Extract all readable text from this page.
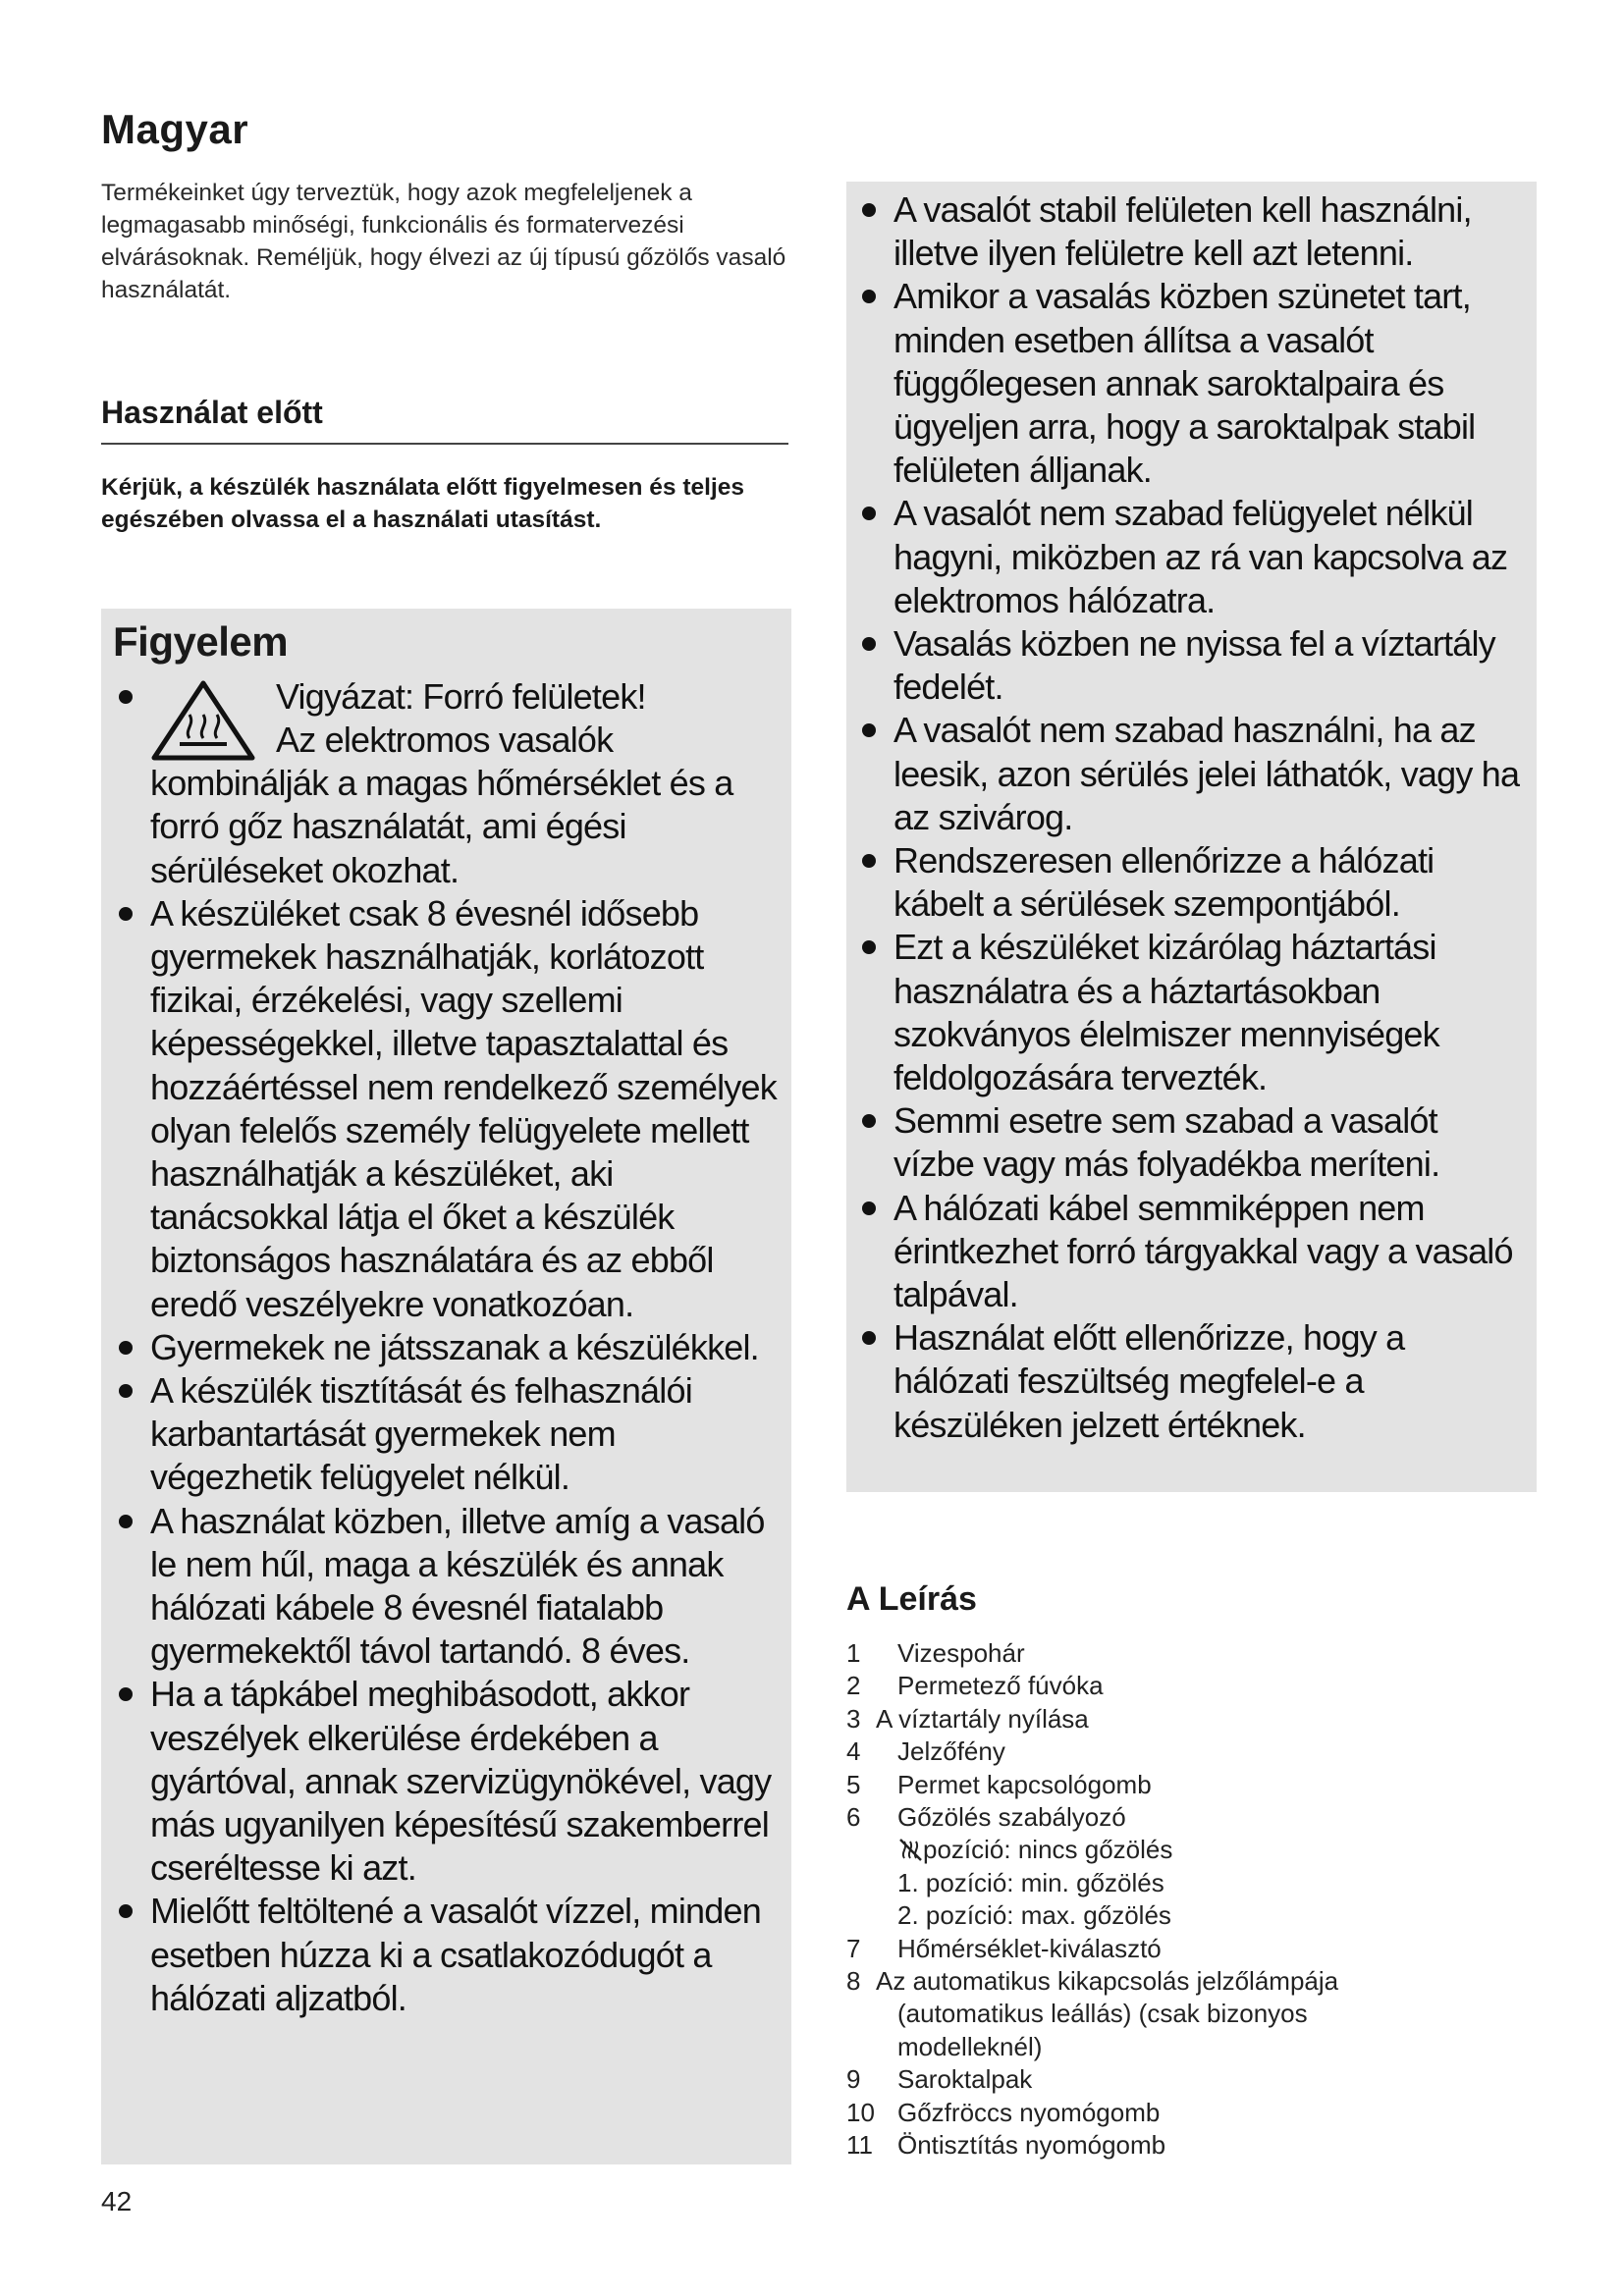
Magyar

Termékeinket úgy terveztük, hogy azok megfeleljenek a legmagasabb minőségi, funkcionális és formatervezési elvárásoknak. Reméljük, hogy élvezi az új típusú gőzölős vasaló használatát.

Használat előtt

Kérjük, a készülék használata előtt figyelmesen és teljes egészében olvassa el a használati utasítást.

Figyelem
Vigyázat: Forró felületek!
Az elektromos vasalók kombinálják a magas hőmérséklet és a forró gőz használatát, ami égési sérüléseket okozhat.
A készüléket csak 8 évesnél idősebb gyermekek használhatják, korlátozott fizikai, érzékelési, vagy szellemi képességekkel, illetve tapasztalattal és hozzáértéssel nem rendelkező személyek olyan felelős személy felügyelete mellett használhatják a készüléket, aki tanácsokkal látja el őket a készülék biztonságos használatára és az ebből eredő veszélyekre vonatkozóan.
Gyermekek ne játsszanak a készülékkel.
A készülék tisztítását és felhasználói karbantartását gyermekek nem végezhetik felügyelet nélkül.
A használat közben, illetve amíg a vasaló le nem hűl, maga a készülék és annak hálózati kábele 8 évesnél fiatalabb gyermekektől távol tartandó. 8 éves.
Ha a tápkábel meghibásodott, akkor veszélyek elkerülése érdekében a gyártóval, annak szervizügynökével, vagy más ugyanilyen képesítésű szakemberrel cseréltesse ki azt.
Mielőtt feltöltené a vasalót vízzel, minden esetben húzza ki a csatlakozódugót a hálózati aljzatból.
A vasalót stabil felületen kell használni, illetve ilyen felületre kell azt letenni.
Amikor a vasalás közben szünetet tart, minden esetben állítsa a vasalót függőlegesen annak saroktalpaira és ügyeljen arra, hogy a saroktalpak stabil felületen álljanak.
A vasalót nem szabad felügyelet nélkül hagyni, miközben az rá van kapcsolva az elektromos hálózatra.
Vasalás közben ne nyissa fel a víztartály fedelét.
A vasalót nem szabad használni, ha az leesik, azon sérülés jelei láthatók, vagy ha az szivárog.
Rendszeresen ellenőrizze a hálózati kábelt a sérülések szempontjából.
Ezt a készüléket kizárólag háztartási használatra és a háztartásokban szokványos élelmiszer mennyiségek feldolgozására tervezték.
Semmi esetre sem szabad a vasalót vízbe vagy más folyadékba meríteni.
A hálózati kábel semmiképpen nem érintkezhet forró tárgyakkal vagy a vasaló talpával.
Használat előtt ellenőrizze, hogy a hálózati feszültség megfelel-e a készüléken jelzett értéknek.
A Leírás
1 Vizespohár
2 Permetező fúvóka
3 A víztartály nyílása
4 Jelzőfény
5 Permet kapcsológomb
6 Gőzölés szabályozó
pozíció: nincs gőzölés
1. pozíció: min. gőzölés
2. pozíció: max. gőzölés
7 Hőmérséklet-kiválasztó
8 Az automatikus kikapcsolás jelzőlámpája
(automatikus leállás) (csak bizonyos
modelleknél)
9 Saroktalpak
10 Gőzfröccs nyomógomb
11 Öntisztítás nyomógomb
42
